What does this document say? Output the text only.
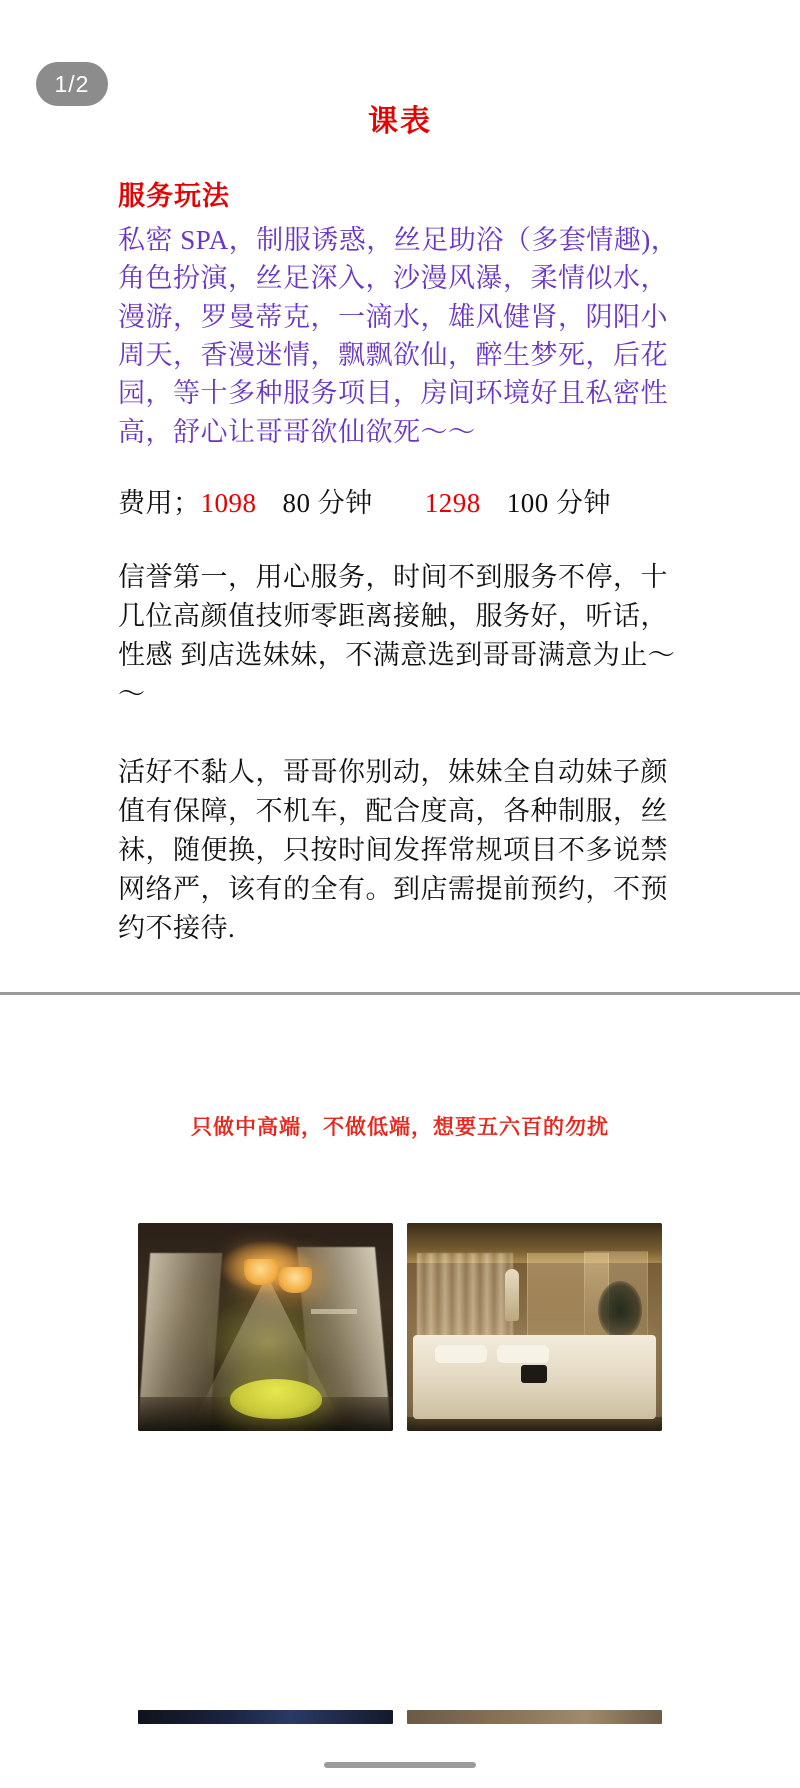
1/2
课表
服务玩法
私密 SPA，制服诱惑，丝足助浴（多套情趣)，角色扮演，丝足深入，沙漫风瀑，柔情似水，漫游，罗曼蒂克，一滴水，雄风健肾，阴阳小周天，香漫迷情，飘飘欲仙，醉生梦死，后花园，等十多种服务项目，房间环境好且私密性高，舒心让哥哥欲仙欲死～～
费用；1098 80 分钟 1298 100 分钟
信誉第一，用心服务，时间不到服务不停，十几位高颜值技师零距离接触，服务好，听话，性感 到店选妹妹，不满意选到哥哥满意为止～～
活好不黏人，哥哥你别动，妹妹全自动妹子颜值有保障，不机车，配合度高，各种制服，丝袜，随便换，只按时间发挥常规项目不多说禁网络严，该有的全有。到店需提前预约，不预约不接待.
只做中高端，不做低端，想要五六百的勿扰
